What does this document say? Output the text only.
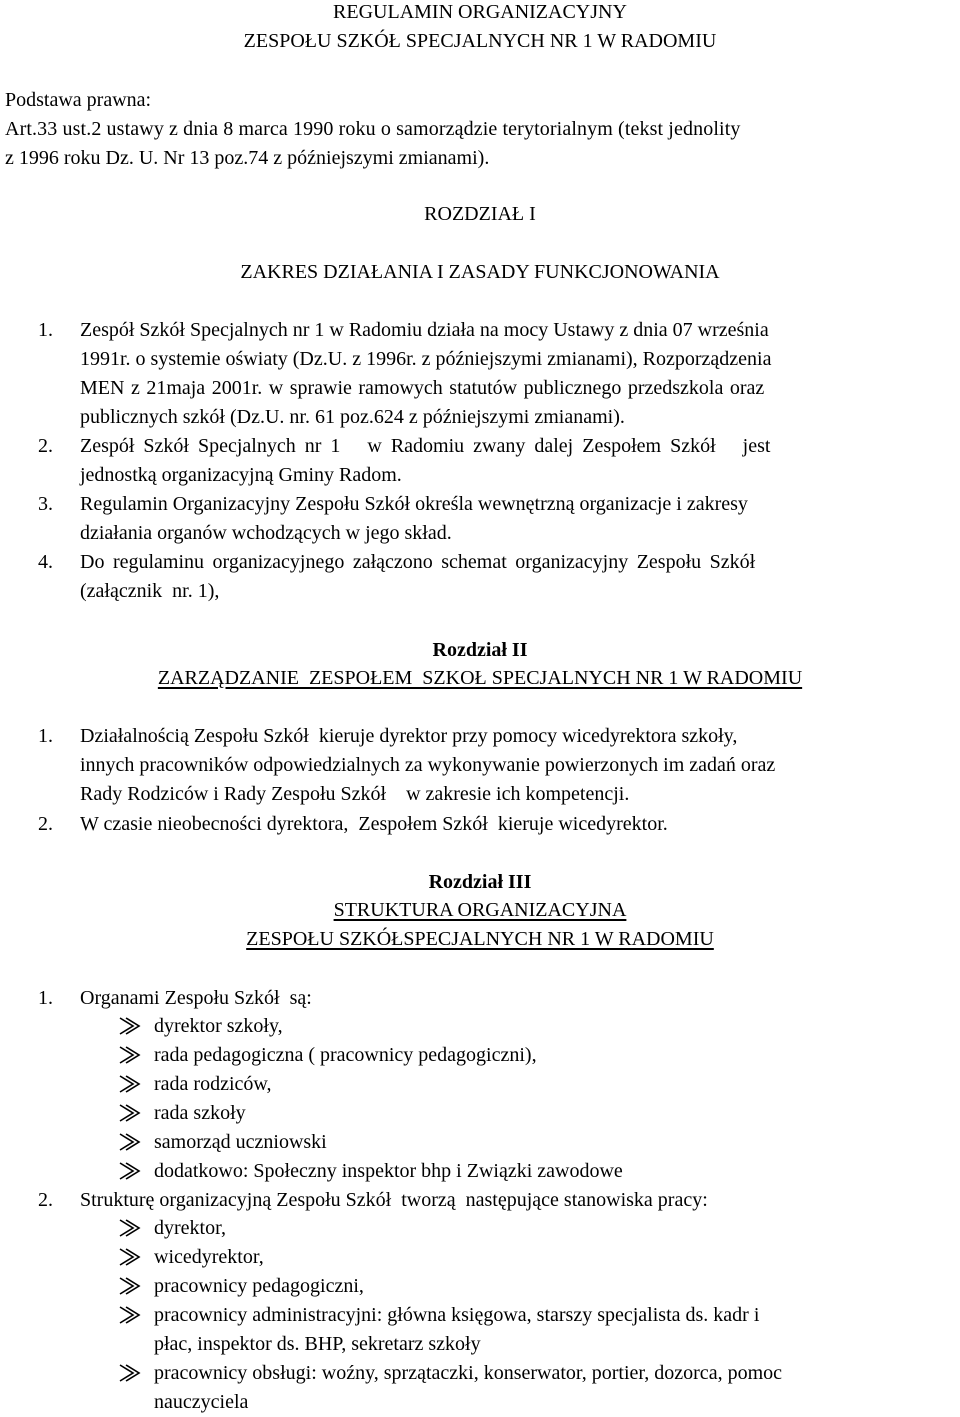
REGULAMIN ORGANIZACYJNY
ZESPOŁU SZKÓŁ SPECJALNYCH NR 1 W RADOMIU
Podstawa prawna:
Art.33 ust.2 ustawy z dnia 8 marca 1990 roku o samorządzie terytorialnym (tekst jednolity
z 1996 roku Dz. U. Nr 13 poz.74 z późniejszymi zmianami).
ROZDZIAŁ I
ZAKRES DZIAŁANIA I ZASADY FUNKCJONOWANIA
1. Zespół Szkół Specjalnych nr 1 w Radomiu działa na mocy Ustawy z dnia 07 września
1991r. o systemie oświaty (Dz.U. z 1996r. z późniejszymi zmianami), Rozporządzenia
MEN z 21maja 2001r. w sprawie ramowych statutów publicznego przedszkola oraz
publicznych szkół (Dz.U. nr. 61 poz.624 z późniejszymi zmianami).
2. Zespół Szkół Specjalnych nr 1   w Radomiu zwany dalej Zespołem Szkół   jest
jednostką organizacyjną Gminy Radom.
3. Regulamin Organizacyjny Zespołu Szkół określa wewnętrzną organizacje i zakresy
działania organów wchodzących w jego skład.
4. Do regulaminu organizacyjnego załączono schemat organizacyjny Zespołu Szkół
(załącznik  nr. 1),
Rozdział II
ZARZĄDZANIE  ZESPOŁEM  SZKOŁ SPECJALNYCH NR 1 W RADOMIU
1. Działalnością Zespołu Szkół  kieruje dyrektor przy pomocy wicedyrektora szkoły,
innych pracowników odpowiedzialnych za wykonywanie powierzonych im zadań oraz
Rady Rodziców i Rady Zespołu Szkół    w zakresie ich kompetencji.
2. W czasie nieobecności dyrektora,  Zespołem Szkół  kieruje wicedyrektor.
Rozdział III
STRUKTURA ORGANIZACYJNA
ZESPOŁU SZKÓŁSPECJALNYCH NR 1 W RADOMIU
1. Organami Zespołu Szkół  są:
dyrektor szkoły,
rada pedagogiczna ( pracownicy pedagogiczni),
rada rodziców,
rada szkoły
samorząd uczniowski
dodatkowo: Społeczny inspektor bhp i Związki zawodowe
2. Strukturę organizacyjną Zespołu Szkół  tworzą  następujące stanowiska pracy:
dyrektor,
wicedyrektor,
pracownicy pedagogiczni,
pracownicy administracyjni: główna księgowa, starszy specjalista ds. kadr i
płac, inspektor ds. BHP, sekretarz szkoły
pracownicy obsługi: woźny, sprzątaczki, konserwator, portier, dozorca, pomoc
nauczyciela
